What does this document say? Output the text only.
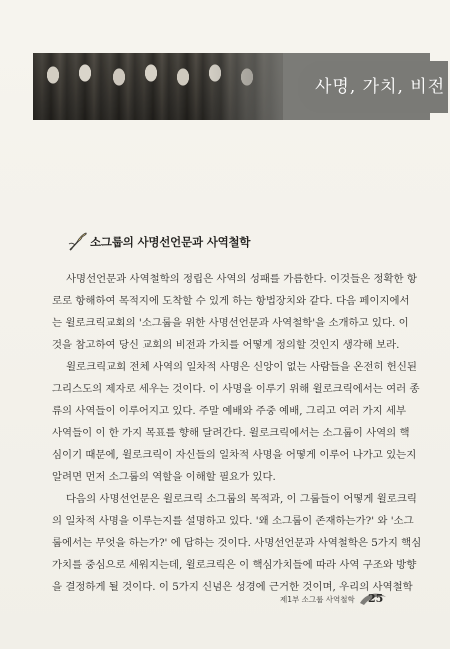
사명, 가치, 비전
소그룹의 사명선언문과 사역철학
사명선언문과 사역철학의 정립은 사역의 성패를 가름한다. 이것들은 정확한 항
로로 항해하여 목적지에 도착할 수 있게 하는 항법장치와 같다. 다음 페이지에서
는 윌로크릭교회의 '소그룹을 위한 사명선언문과 사역철학'을 소개하고 있다. 이
것을 참고하여 당신 교회의 비전과 가치를 어떻게 정의할 것인지 생각해 보라.
윌로크릭교회 전체 사역의 일차적 사명은 신앙이 없는 사람들을 온전히 헌신된
그리스도의 제자로 세우는 것이다. 이 사명을 이루기 위해 윌로크릭에서는 여러 종
류의 사역들이 이루어지고 있다. 주말 예배와 주중 예배, 그리고 여러 가지 세부
사역들이 이 한 가지 목표를 향해 달려간다. 윌로크릭에서는 소그룹이 사역의 핵
심이기 때문에, 윌로크릭이 자신들의 일차적 사명을 어떻게 이루어 나가고 있는지
알려면 먼저 소그룹의 역할을 이해할 필요가 있다.
다음의 사명선언문은 윌로크릭 소그룹의 목적과, 이 그룹들이 어떻게 윌로크릭
의 일차적 사명을 이루는지를 설명하고 있다. '왜 소그룹이 존재하는가?' 와 '소그
룹에서는 무엇을 하는가?' 에 답하는 것이다. 사명선언문과 사역철학은 5가지 핵심
가치를 중심으로 세워지는데, 윌로크릭은 이 핵심가치들에 따라 사역 구조와 방향
을 결정하게 될 것이다. 이 5가지 신념은 성경에 근거한 것이며, 우리의 사역철학
제1부 소그룹 사역철학 25
